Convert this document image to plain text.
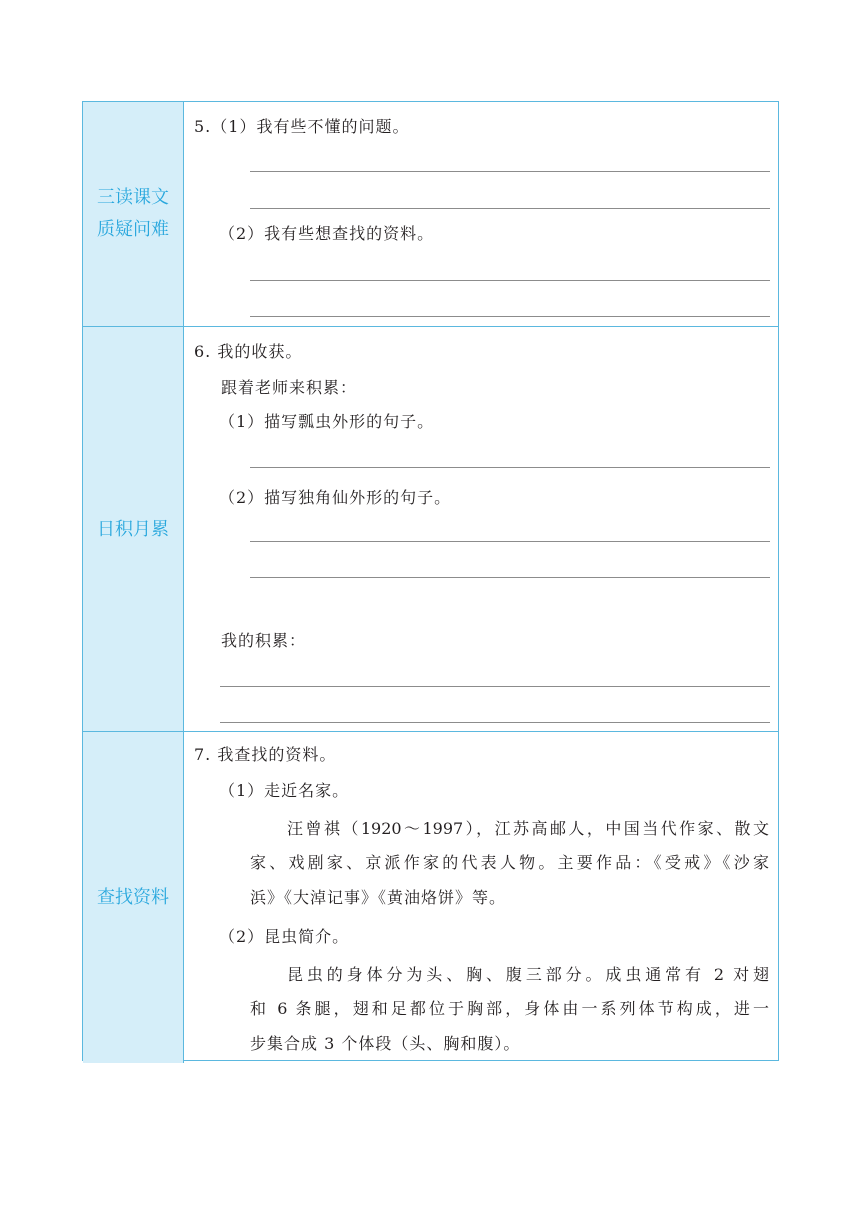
三读课文
质疑问难
5.（1）我有些不懂的问题。
（2）我有些想查找的资料。
日积月累
6. 我的收获。
跟着老师来积累：
（1）描写瓢虫外形的句子。
（2）描写独角仙外形的句子。
我的积累：
查找资料
7. 我查找的资料。
（1）走近名家。
汪曾祺（1920～1997），江苏高邮人，中国当代作家、散文
家、戏剧家、京派作家的代表人物。主要作品：《受戒》《沙家
浜》《大淖记事》《黄油烙饼》等。
（2）昆虫简介。
昆虫的身体分为头、胸、腹三部分。成虫通常有 2 对翅
和 6 条腿，翅和足都位于胸部，身体由一系列体节构成，进一
步集合成 3 个体段（头、胸和腹）。
